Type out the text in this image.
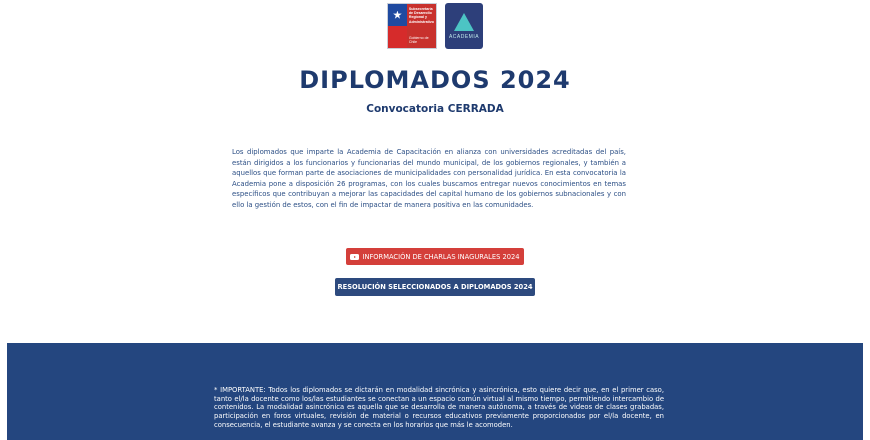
Subsecretaría de Desarrollo Regional y Administrativo
Gobierno de Chile
ACADEMIA
DIPLOMADOS 2024
Convocatoria CERRADA

Los diplomados que imparte la Academia de Capacitación en alianza con universidades acreditadas del país, están dirigidos a los funcionarios y funcionarias del mundo municipal, de los gobiernos regionales, y también a aquellos que forman parte de asociaciones de municipalidades con personalidad jurídica. En esta convocatoria la Academia pone a disposición 26 programas, con los cuales buscamos entregar nuevos conocimientos en temas específicos que contribuyan a mejorar las capacidades del capital humano de los gobiernos subnacionales y con ello la gestión de estos, con el fin de impactar de manera positiva en las comunidades.

INFORMACIÓN DE CHARLAS INAGURALES 2024
RESOLUCIÓN SELECCIONADOS A DIPLOMADOS 2024

* IMPORTANTE: Todos los diplomados se dictarán en modalidad sincrónica y asincrónica, esto quiere decir que, en el primer caso, tanto el/la docente como los/las estudiantes se conectan a un espacio común virtual al mismo tiempo, permitiendo intercambio de contenidos. La modalidad asincrónica es aquella que se desarrolla de manera autónoma, a través de videos de clases grabadas, participación en foros virtuales, revisión de material o recursos educativos previamente proporcionados por el/la docente, en consecuencia, el estudiante avanza y se conecta en los horarios que más le acomoden.
